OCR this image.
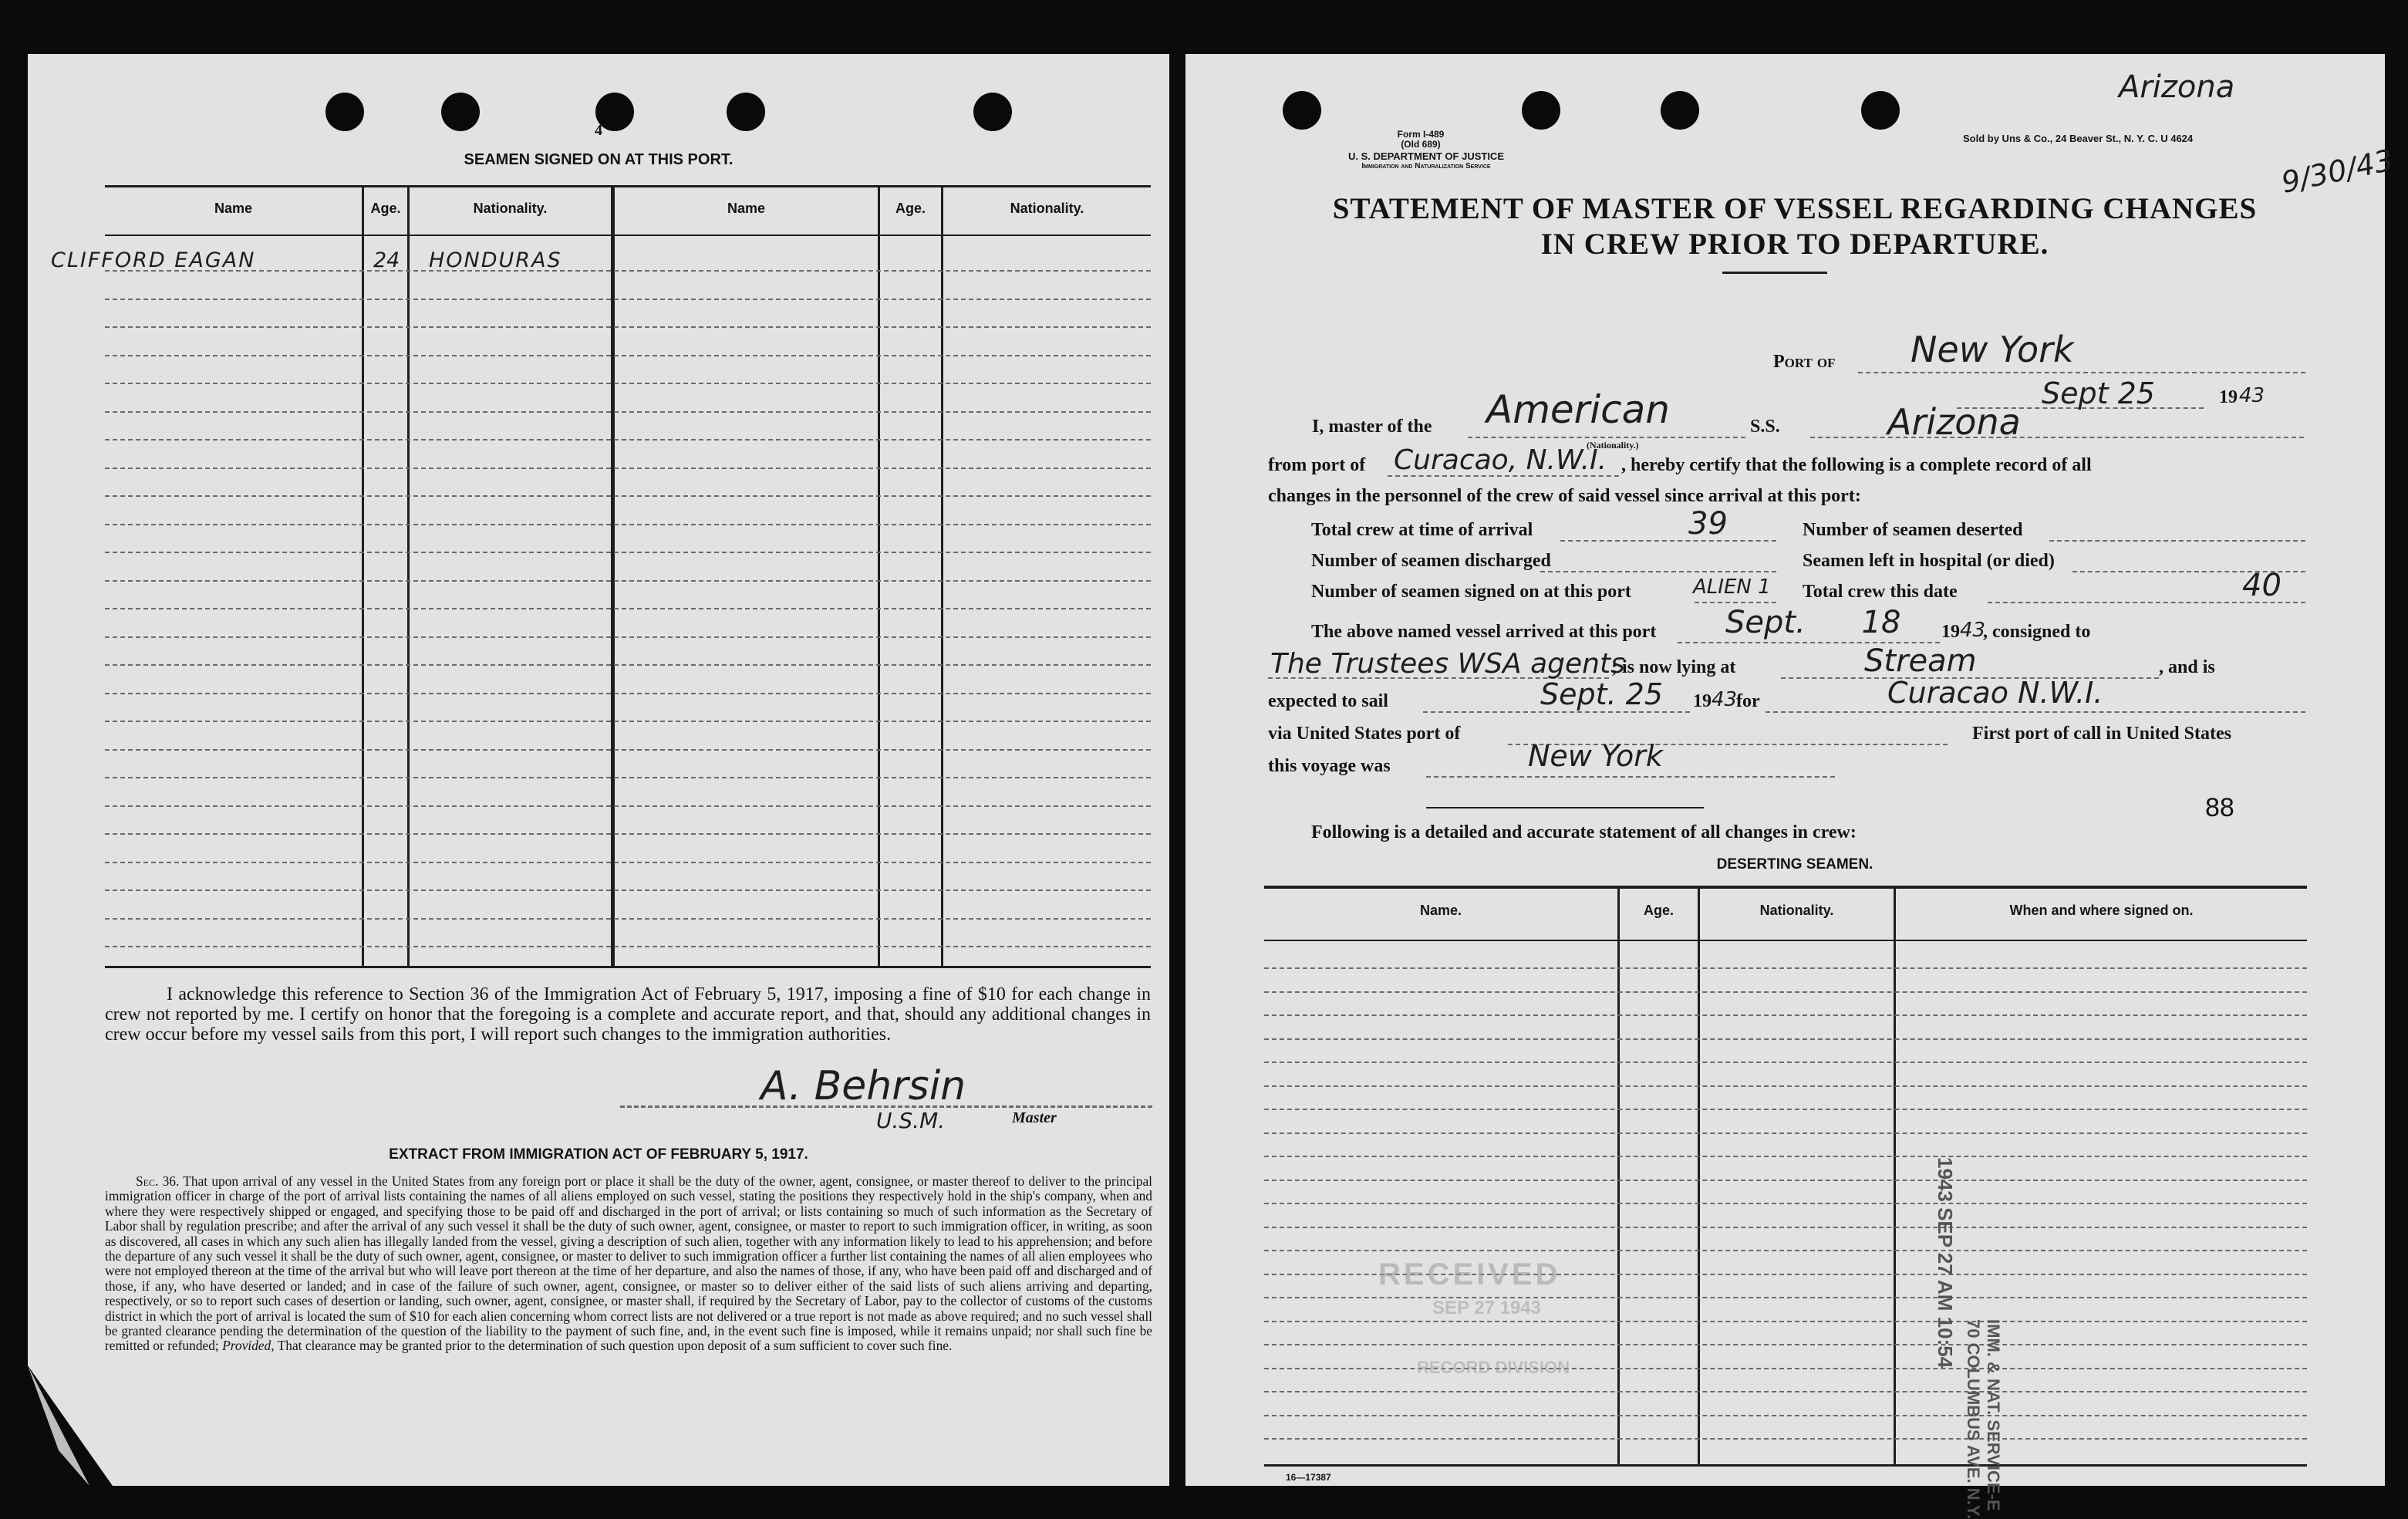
4
SEAMEN SIGNED ON AT THIS PORT.
Name	Age.	Nationality.	Name	Age.	Nationality.
CLIFFORD EAGAN	24 HONDURAS
I acknowledge this reference to Section 36 of the Immigration Act of February 5, 1917, imposing a fine of $10 for each change in crew not reported by me. I certify on honor that the foregoing is a complete and accurate report, and that, should any additional changes in crew occur before my vessel sails from this port, I will report such changes to the immigration authorities.
A. Behrsin
U.S.M.	Master
EXTRACT FROM IMMIGRATION ACT OF FEBRUARY 5, 1917.
Sec. 36. That upon arrival of any vessel in the United States from any foreign port or place it shall be the duty of the owner, agent, consignee, or master thereof to deliver to the principal immigration officer in charge of the port of arrival lists containing the names of all aliens employed on such vessel, stating the positions they respectively hold in the ship's company, when and where they were respectively shipped or engaged, and specifying those to be paid off and discharged in the port of arrival; or lists containing so much of such information as the Secretary of Labor shall by regulation prescribe; and after the arrival of any such vessel it shall be the duty of such owner, agent, consignee, or master to report to such immigration officer, in writing, as soon as discovered, all cases in which any such alien has illegally landed from the vessel, giving a description of such alien, together with any information likely to lead to his apprehension; and before the departure of any such vessel it shall be the duty of such owner, agent, consignee, or master to deliver to such immigration officer a further list containing the names of all alien employees who were not employed thereon at the time of the arrival but who will leave port thereon at the time of her departure, and also the names of those, if any, who have been paid off and discharged and of those, if any, who have deserted or landed; and in case of the failure of such owner, agent, consignee, or master so to deliver either of the said lists of such aliens arriving and departing, respectively, or so to report such cases of desertion or landing, such owner, agent, consignee, or master shall, if required by the Secretary of Labor, pay to the collector of customs of the customs district in which the port of arrival is located the sum of $10 for each alien concerning whom correct lists are not delivered or a true report is not made as above required; and no such vessel shall be granted clearance pending the determination of the question of the liability to the payment of such fine, and, in the event such fine is imposed, while it remains unpaid; nor shall such fine be remitted or refunded; Provided, That clearance may be granted prior to the determination of such question upon deposit of a sum sufficient to cover such fine.
Form I-489
(Old 689)
U. S. DEPARTMENT OF JUSTICE
Immigration and Naturalization Service
Sold by Uns & Co., 24 Beaver St., N. Y. C. U 4624
Arizona
9/30/43
STATEMENT OF MASTER OF VESSEL REGARDING CHANGES
IN CREW PRIOR TO DEPARTURE.
Port of New York
Sept 25	19 43
I, master of the American
(Nationality.)
S.S.	Arizona
from port of Curacao, N.W.I. , hereby certify that the following is a complete record of all
changes in the personnel of the crew of said vessel since arrival at this port:
Total crew at time of arrival	39	Number of seamen deserted
Number of seamen discharged	Seamen left in hospital (or died)
Number of seamen signed on at this port	ALIEN 1 Total crew this date	40
The above named vessel arrived at this port Sept. 18 19 43
, consigned to
The Trustees WSA agents
; is now lying at	Stream	, and is
expected to sail	Sept. 25 19 43
for	Curacao N.W.I.
via United States port of	First port of call in United States
this voyage was	New York
88
Following is a detailed and accurate statement of all changes in crew:
DESERTING SEAMEN.
Name.	Age.	Nationality.	When and where signed on.
16—17387
RECEIVED
SEP 27 1943
RECORD DIVISION	IMM. & NAT. SERVICE-E
70 COLUMBUS AVE. N.Y.
1943 SEP 27 AM 10:54
